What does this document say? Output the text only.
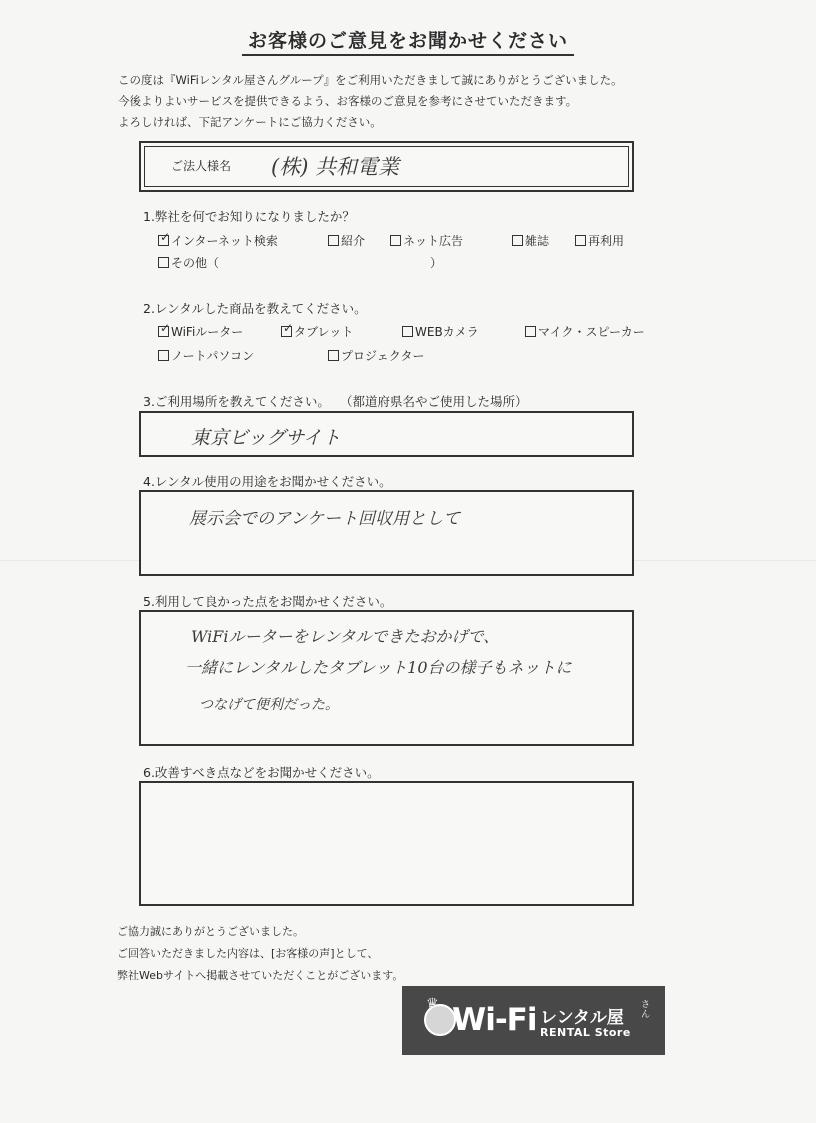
お客様のご意見をお聞かせください
この度は『WiFiレンタル屋さんグループ』をご利用いただきまして誠にありがとうございました。
今後よりよいサービスを提供できるよう、お客様のご意見を参考にさせていただきます。
よろしければ、下記アンケートにご協力ください。
ご法人様名 (株) 共和電業
1.弊社を何でお知りになりましたか？
✓ インターネット検索	紹介	ネット広告	雑誌	再利用
その他（	）
2.レンタルした商品を教えてください。
✓ WiFiルーター	✓ タブレット	WEBカメラ	マイク・スピーカー
ノートパソコン	プロジェクター
3.ご利用場所を教えてください。 （都道府県名やご使用した場所）
東京ビッグサイト
4.レンタル使用の用途をお聞かせください。
展示会でのアンケート回収用として
5.利用して良かった点をお聞かせください。
WiFiルーターをレンタルできたおかげで、
一緒にレンタルしたタブレット10台の様子もネットに
つなげて便利だった。
6.改善すべき点などをお聞かせください。
ご協力誠にありがとうございました。
ご回答いただきました内容は、[お客様の声]として、
弊社Webサイトへ掲載させていただくことがございます。
♛ Wi-Fi レンタル屋
さん
RENTAL Store
